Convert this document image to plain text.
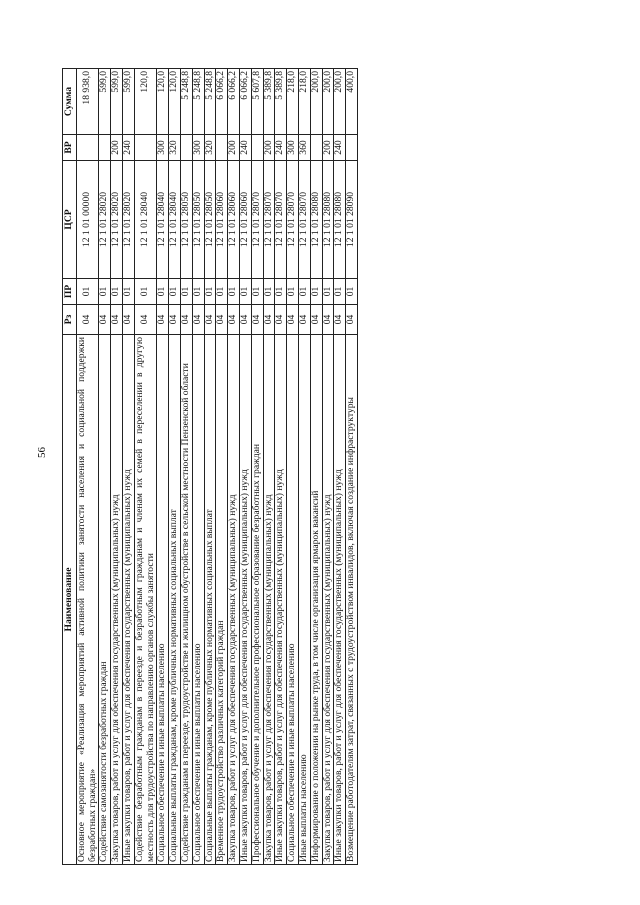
56
Наименование	Рз	ПР	ЦСР	ВР	Сумма
Основное мероприятие «Реализация мероприятий активной политики занятости населения и социальной поддержки безработных граждан»	04	01	12 1 01 00000		18 938,0
Содействие самозанятости безработных граждан	04	01	12 1 01 28020		599,0
Закупка товаров, работ и услуг для обеспечения государственных (муниципальных) нужд	04	01	12 1 01 28020	200	599,0
Иные закупки товаров, работ и услуг для обеспечения государственных (муниципальных) нужд	04	01	12 1 01 28020	240	599,0
Содействие безработным гражданам в переезде и безработным гражданам и членам их семей в переселении в другую местность для трудоустройства по направлению органов службы занятости	04	01	12 1 01 28040		120,0
Социальное обеспечение и иные выплаты населению	04	01	12 1 01 28040	300	120,0
Социальные выплаты гражданам, кроме публичных нормативных социальных выплат	04	01	12 1 01 28040	320	120,0
Содействие гражданам в переезде, трудоустройстве и жилищном обустройстве в сельской местности Пензенской области	04	01	12 1 01 28050		5 248,8
Социальное обеспечение и иные выплаты населению	04	01	12 1 01 28050	300	5 248,8
Социальные выплаты гражданам, кроме публичных нормативных социальных выплат	04	01	12 1 01 28050	320	5 248,8
Временное трудоустройство различных категорий граждан	04	01	12 1 01 28060		6 066,2
Закупка товаров, работ и услуг для обеспечения государственных (муниципальных) нужд	04	01	12 1 01 28060	200	6 066,2
Иные закупки товаров, работ и услуг для обеспечения государственных (муниципальных) нужд	04	01	12 1 01 28060	240	6 066,2
Профессиональное обучение и дополнительное профессиональное образование безработных граждан	04	01	12 1 01 28070		5 607,8
Закупка товаров, работ и услуг для обеспечения государственных (муниципальных) нужд	04	01	12 1 01 28070	200	5 389,8
Иные закупки товаров, работ и услуг для обеспечения государственных (муниципальных) нужд	04	01	12 1 01 28070	240	5 389,8
Социальное обеспечение и иные выплаты населению	04	01	12 1 01 28070	300	218,0
Иные выплаты населению	04	01	12 1 01 28070	360	218,0
Информирование о положении на рынке труда, в том числе организация ярмарок вакансий	04	01	12 1 01 28080		200,0
Закупка товаров, работ и услуг для обеспечения государственных (муниципальных) нужд	04	01	12 1 01 28080	200	200,0
Иные закупки товаров, работ и услуг для обеспечения государственных (муниципальных) нужд	04	01	12 1 01 28080	240	200,0
Возмещение работодателям затрат, связанных с трудоустройством инвалидов, включая создание инфраструктуры	04	01	12 1 01 28090		400,0
